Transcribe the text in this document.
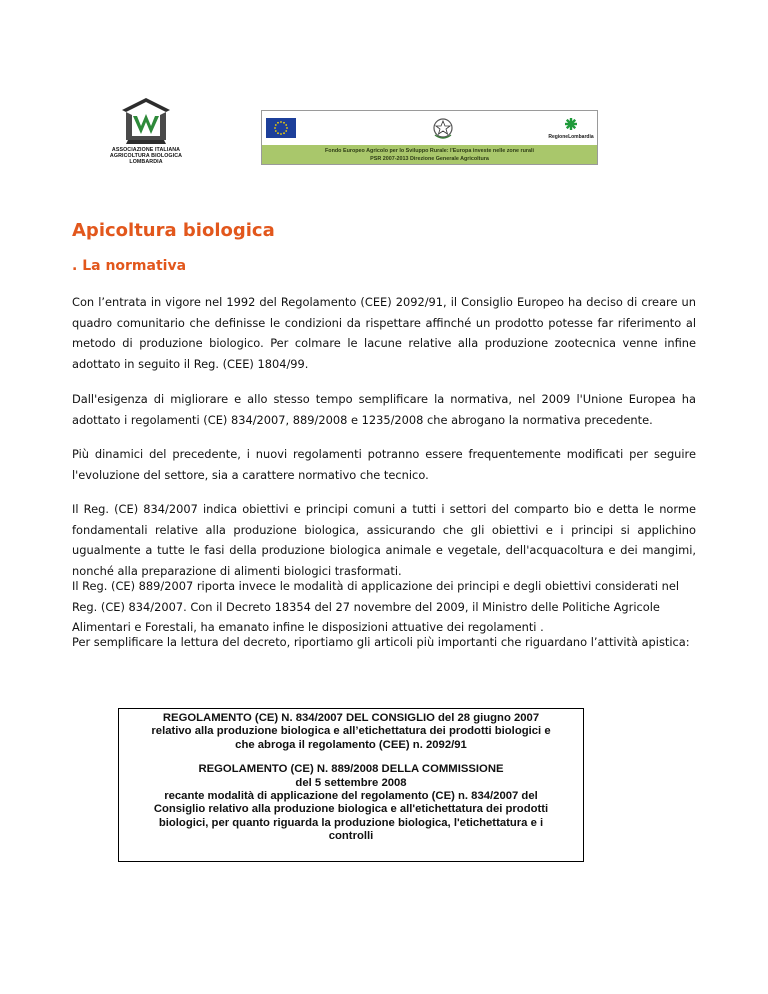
ASSOCIAZIONE ITALIANA
AGRICOLTURA BIOLOGICA
LOMBARDIA
RegioneLombardia
Fondo Europeo Agricolo per lo Sviluppo Rurale: l'Europa investe nelle zone rurali
PSR 2007-2013 Direzione Generale Agricoltura
Apicoltura biologica
. La normativa

Con l’entrata in vigore nel 1992 del Regolamento (CEE) 2092/91, il Consiglio Europeo ha deciso di creare un quadro comunitario che definisse le condizioni da rispettare affinché un prodotto potesse far riferimento al metodo di produzione biologico. Per colmare le lacune relative alla produzione zootecnica venne infine adottato in seguito il Reg. (CEE) 1804/99.

Dall'esigenza di migliorare e allo stesso tempo semplificare la normativa, nel 2009 l'Unione Europea ha adottato i regolamenti (CE) 834/2007, 889/2008 e 1235/2008 che abrogano la normativa precedente.

Più dinamici del precedente, i nuovi regolamenti potranno essere frequentemente modificati per seguire l'evoluzione del settore, sia a carattere normativo che tecnico.

Il Reg. (CE) 834/2007 indica obiettivi e principi comuni a tutti i settori del comparto bio e detta le norme fondamentali relative alla produzione biologica, assicurando che gli obiettivi e i principi si applichino ugualmente a tutte le fasi della produzione biologica animale e vegetale, dell'acquacoltura e dei mangimi, nonché alla preparazione di alimenti biologici trasformati.

Il Reg. (CE) 889/2007 riporta invece le modalità di applicazione dei principi e degli obiettivi considerati nel Reg. (CE) 834/2007. Con il Decreto 18354 del 27 novembre del 2009, il Ministro delle Politiche Agricole Alimentari e Forestali, ha emanato infine le disposizioni attuative dei regolamenti .

Per semplificare la lettura del decreto, riportiamo gli articoli più importanti che riguardano l’attività apistica:

REGOLAMENTO (CE) N. 834/2007 DEL CONSIGLIO del 28 giugno 2007

relativo alla produzione biologica e all’etichettatura dei prodotti biologici e

che abroga il regolamento (CEE) n. 2092/91

REGOLAMENTO (CE) N. 889/2008 DELLA COMMISSIONE

del 5 settembre 2008

recante modalità di applicazione del regolamento (CE) n. 834/2007 del

Consiglio relativo alla produzione biologica e all'etichettatura dei prodotti

biologici, per quanto riguarda la produzione biologica, l'etichettatura e i

controlli
